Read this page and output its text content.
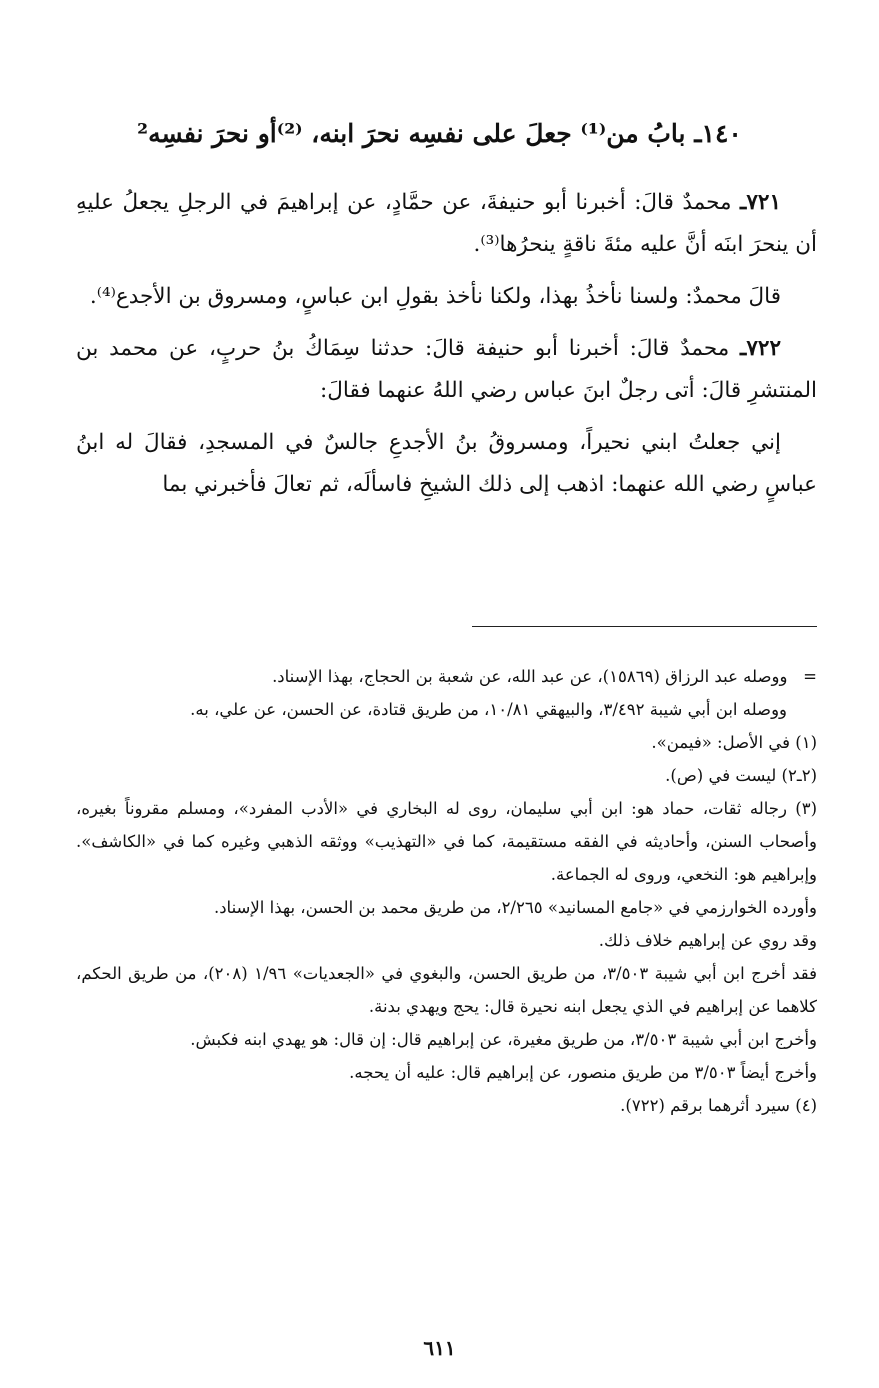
١٤٠ـ بابُ من⁽¹⁾ جعلَ على نفسِه نحرَ ابنه، ⁽²⁾أو نحرَ نفسِه²

٧٢١ـ محمدٌ قالَ: أخبرنا أبو حنيفةَ، عن حمَّادٍ، عن إبراهيمَ في الرجلِ يجعلُ عليهِ أن ينحرَ ابنَه أنَّ عليه مئةَ ناقةٍ ينحرُها⁽³⁾.

قالَ محمدٌ: ولسنا نأخذُ بهذا، ولكنا نأخذ بقولِ ابن عباسٍ، ومسروق بن الأجدع⁽⁴⁾.

٧٢٢ـ محمدٌ قالَ: أخبرنا أبو حنيفة قالَ: حدثنا سِمَاكُ بنُ حربٍ، عن محمد بن المنتشرِ قالَ: أتى رجلٌ ابنَ عباس رضي اللهُ عنهما فقالَ:

إني جعلتُ ابني نحيراً، ومسروقُ بنُ الأجدعِ جالسٌ في المسجدِ، فقالَ له ابنُ عباسٍ رضي الله عنهما: اذهب إلى ذلك الشيخِ فاسألَه، ثم تعالَ فأخبرني بما

=   ووصله عبد الرزاق (١٥٨٦٩)، عن عبد الله، عن شعبة بن الحجاج، بهذا الإسناد.

ووصله ابن أبي شيبة ٣/٤٩٢، والبيهقي ١٠/٨١، من طريق قتادة، عن الحسن، عن علي، به.

(١) في الأصل: «فيمن».

(٢ـ٢) ليست في (ص).

(٣) رجاله ثقات، حماد هو: ابن أبي سليمان، روى له البخاري في «الأدب المفرد»، ومسلم مقروناً بغيره، وأصحاب السنن، وأحاديثه في الفقه مستقيمة، كما في «التهذيب» ووثقه الذهبي وغيره كما في «الكاشف». وإبراهيم هو: النخعي، وروى له الجماعة.

وأورده الخوارزمي في «جامع المسانيد» ٢/٢٦٥، من طريق محمد بن الحسن، بهذا الإسناد.

وقد روي عن إبراهيم خلاف ذلك.

فقد أخرج ابن أبي شيبة ٣/٥٠٣، من طريق الحسن، والبغوي في «الجعديات» ١/٩٦ (٢٠٨)، من طريق الحكم، كلاهما عن إبراهيم في الذي يجعل ابنه نحيرة قال: يحج ويهدي بدنة.

وأخرج ابن أبي شيبة ٣/٥٠٣، من طريق مغيرة، عن إبراهيم قال: إن قال: هو يهدي ابنه فكبش.

وأخرج أيضاً ٣/٥٠٣ من طريق منصور، عن إبراهيم قال: عليه أن يحجه.

(٤) سيرد أثرهما برقم (٧٢٢).

٦١١
